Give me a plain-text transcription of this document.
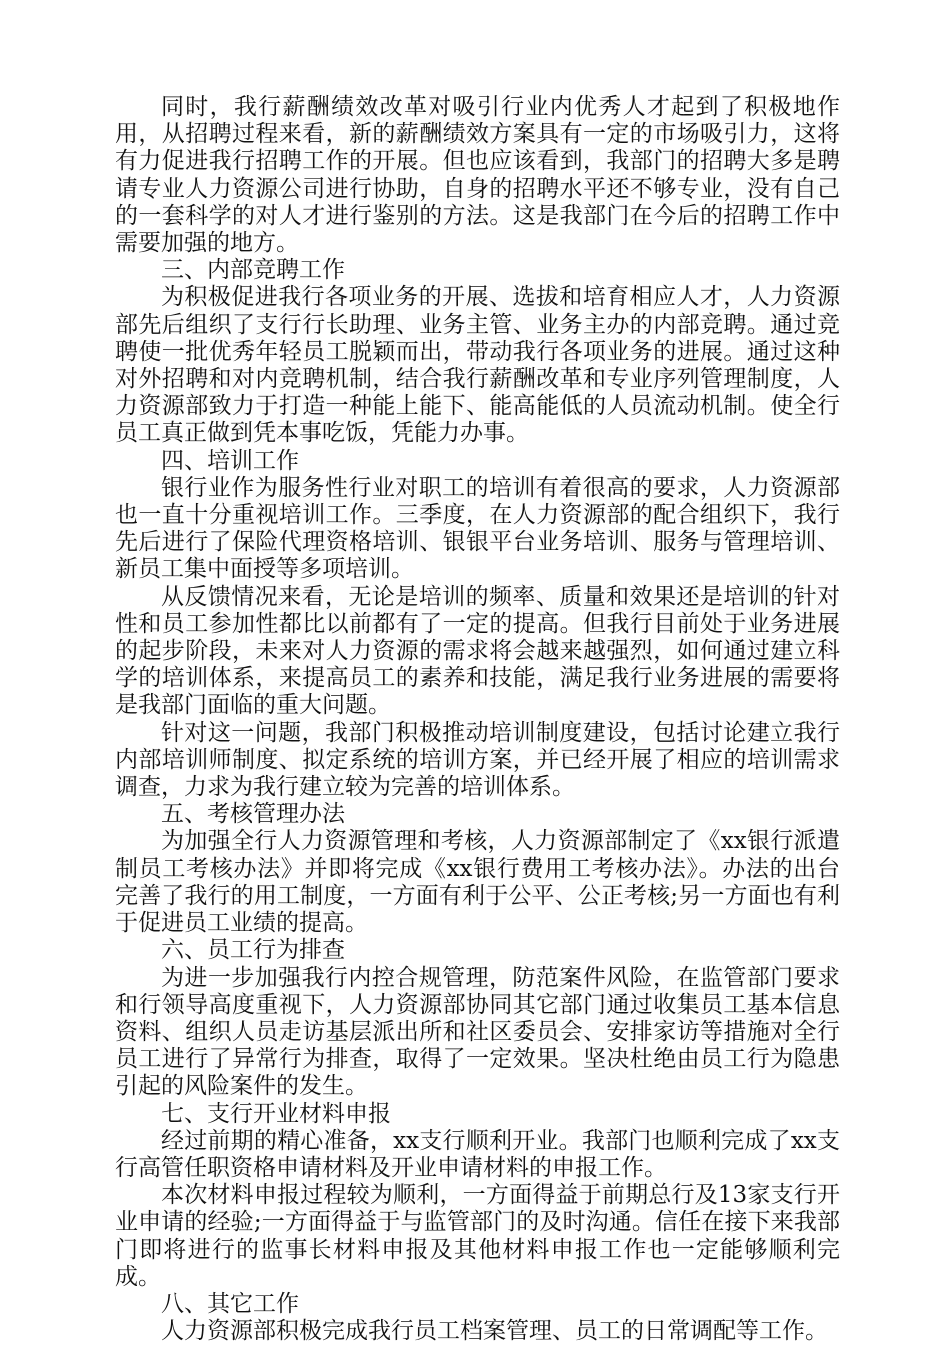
同时，我行薪酬绩效改革对吸引行业内优秀人才起到了积极地作用，从招聘过程来看，新的薪酬绩效方案具有一定的市场吸引力，这将有力促进我行招聘工作的开展。但也应该看到，我部门的招聘大多是聘请专业人力资源公司进行协助，自身的招聘水平还不够专业，没有自己的一套科学的对人才进行鉴别的方法。这是我部门在今后的招聘工作中需要加强的地方。

三、内部竞聘工作

为积极促进我行各项业务的开展、选拔和培育相应人才，人力资源部先后组织了支行行长助理、业务主管、业务主办的内部竞聘。通过竞聘使一批优秀年轻员工脱颖而出，带动我行各项业务的进展。通过这种对外招聘和对内竞聘机制，结合我行薪酬改革和专业序列管理制度，人力资源部致力于打造一种能上能下、能高能低的人员流动机制。使全行员工真正做到凭本事吃饭，凭能力办事。

四、培训工作

银行业作为服务性行业对职工的培训有着很高的要求，人力资源部也一直十分重视培训工作。三季度，在人力资源部的配合组织下，我行先后进行了保险代理资格培训、银银平台业务培训、服务与管理培训、新员工集中面授等多项培训。

从反馈情况来看，无论是培训的频率、质量和效果还是培训的针对性和员工参加性都比以前都有了一定的提高。但我行目前处于业务进展的起步阶段，未来对人力资源的需求将会越来越强烈，如何通过建立科学的培训体系，来提高员工的素养和技能，满足我行业务进展的需要将是我部门面临的重大问题。

针对这一问题，我部门积极推动培训制度建设，包括讨论建立我行内部培训师制度、拟定系统的培训方案，并已经开展了相应的培训需求调查，力求为我行建立较为完善的培训体系。

五、考核管理办法

为加强全行人力资源管理和考核，人力资源部制定了《xx银行派遣制员工考核办法》并即将完成《xx银行费用工考核办法》。办法的出台完善了我行的用工制度，一方面有利于公平、公正考核;另一方面也有利于促进员工业绩的提高。

六、员工行为排查

为进一步加强我行内控合规管理，防范案件风险，在监管部门要求和行领导高度重视下，人力资源部协同其它部门通过收集员工基本信息资料、组织人员走访基层派出所和社区委员会、安排家访等措施对全行员工进行了异常行为排查，取得了一定效果。坚决杜绝由员工行为隐患引起的风险案件的发生。

七、支行开业材料申报

经过前期的精心准备，xx支行顺利开业。我部门也顺利完成了xx支行高管任职资格申请材料及开业申请材料的申报工作。

本次材料申报过程较为顺利，一方面得益于前期总行及13家支行开业申请的经验;一方面得益于与监管部门的及时沟通。信任在接下来我部门即将进行的监事长材料申报及其他材料申报工作也一定能够顺利完成。

八、其它工作

人力资源部积极完成我行员工档案管理、员工的日常调配等工作。
